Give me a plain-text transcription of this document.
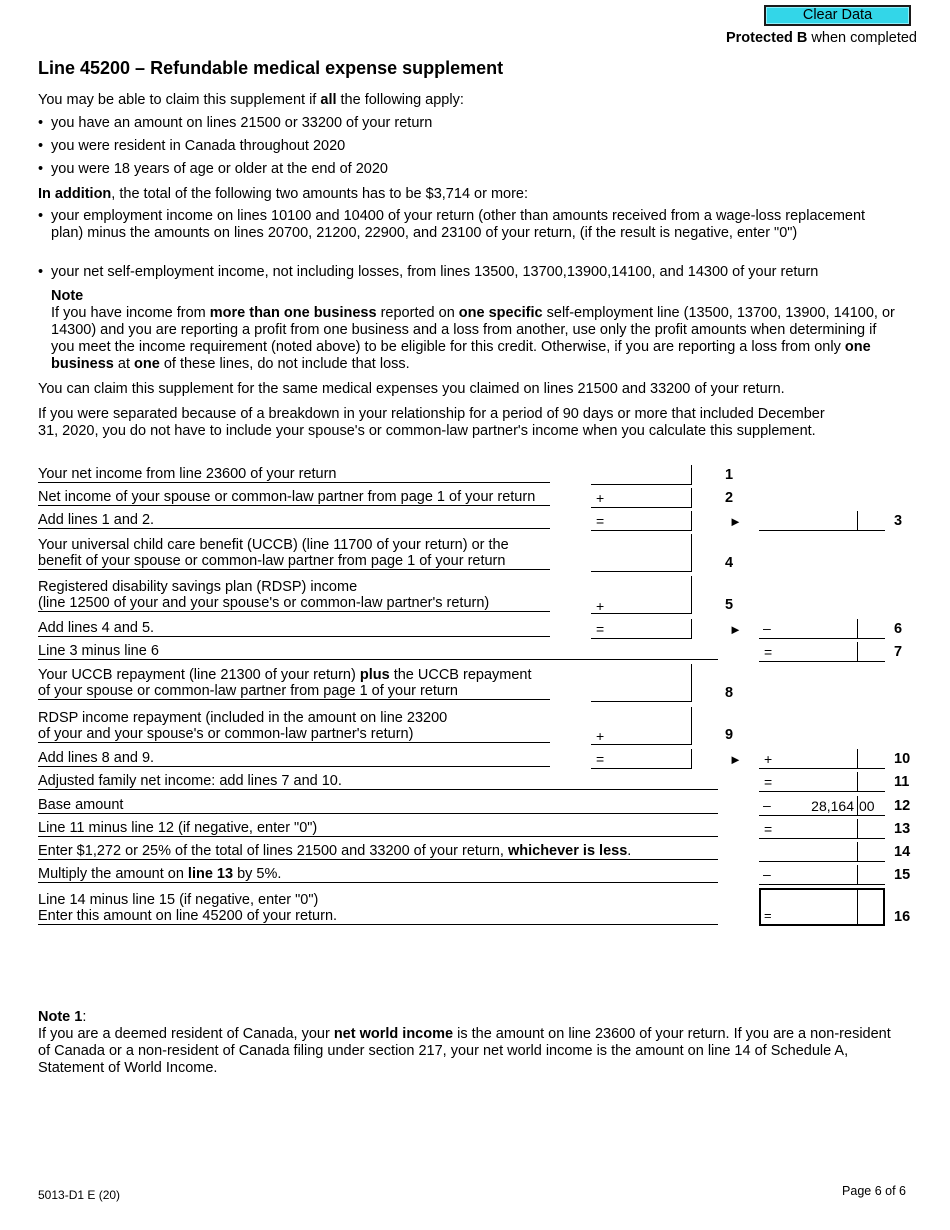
Clear Data
Protected B when completed
Line 45200 – Refundable medical expense supplement

You may be able to claim this supplement if all the following apply:

• you have an amount on lines 21500 or 33200 of your return
• you were resident in Canada throughout 2020
• you were 18 years of age or older at the end of 2020

In addition, the total of the following two amounts has to be $3,714 or more:

• your employment income on lines 10100 and 10400 of your return (other than amounts received from a wage-loss replacement plan) minus the amounts on lines 20700, 21200, 22900, and 23100 of your return, (if the result is negative, enter "0")
• your net self-employment income, not including losses, from lines 13500, 13700,13900,14100, and 14300 of your return
Note
If you have income from more than one business reported on one specific self-employment line (13500, 13700, 13900, 14100, or 14300) and you are reporting a profit from one business and a loss from another, use only the profit amounts when determining if you meet the income requirement (noted above) to be eligible for this credit. Otherwise, if you are reporting a loss from only one business at one of these lines, do not include that loss.

You can claim this supplement for the same medical expenses you claimed on lines 21500 and 33200 of your return.

If you were separated because of a breakdown in your relationship for a period of 90 days or more that included December 31, 2020, you do not have to include your spouse's or common-law partner's income when you calculate this supplement.

Your net income from line 23600 of your return	1
Net income of your spouse or common-law partner from page 1 of your return	+	2
Add lines 1 and 2.	=	►	3
Your universal child care benefit (UCCB) (line 11700 of your return) or the
benefit of your spouse or common-law partner from page 1 of your return	4
Registered disability savings plan (RDSP) income
(line 12500 of your and your spouse's or common-law partner's return)	+	5
Add lines 4 and 5.	=	► –	6
Line 3 minus line 6	=	7
Your UCCB repayment (line 21300 of your return) plus the UCCB repayment
of your spouse or common-law partner from page 1 of your return	8
RDSP income repayment (included in the amount on line 23200
of your and your spouse's or common-law partner's return)	+	9
Add lines 8 and 9.	=	► +	10
Adjusted family net income: add lines 7 and 10.	=	11
Base amount	–	28,164 00 12
Line 11 minus line 12 (if negative, enter "0")	=	13
Enter $1,272 or 25% of the total of lines 21500 and 33200 of your return, whichever is less.	14
Multiply the amount on line 13 by 5%.	–	15
Line 14 minus line 15 (if negative, enter "0")
Enter this amount on line 45200 of your return.	=	16
Note 1:
If you are a deemed resident of Canada, your net world income is the amount on line 23600 of your return. If you are a non-resident of Canada or a non-resident of Canada filing under section 217, your net world income is the amount on line 14 of Schedule A, Statement of World Income.
5013-D1 E (20)	Page 6 of 6
